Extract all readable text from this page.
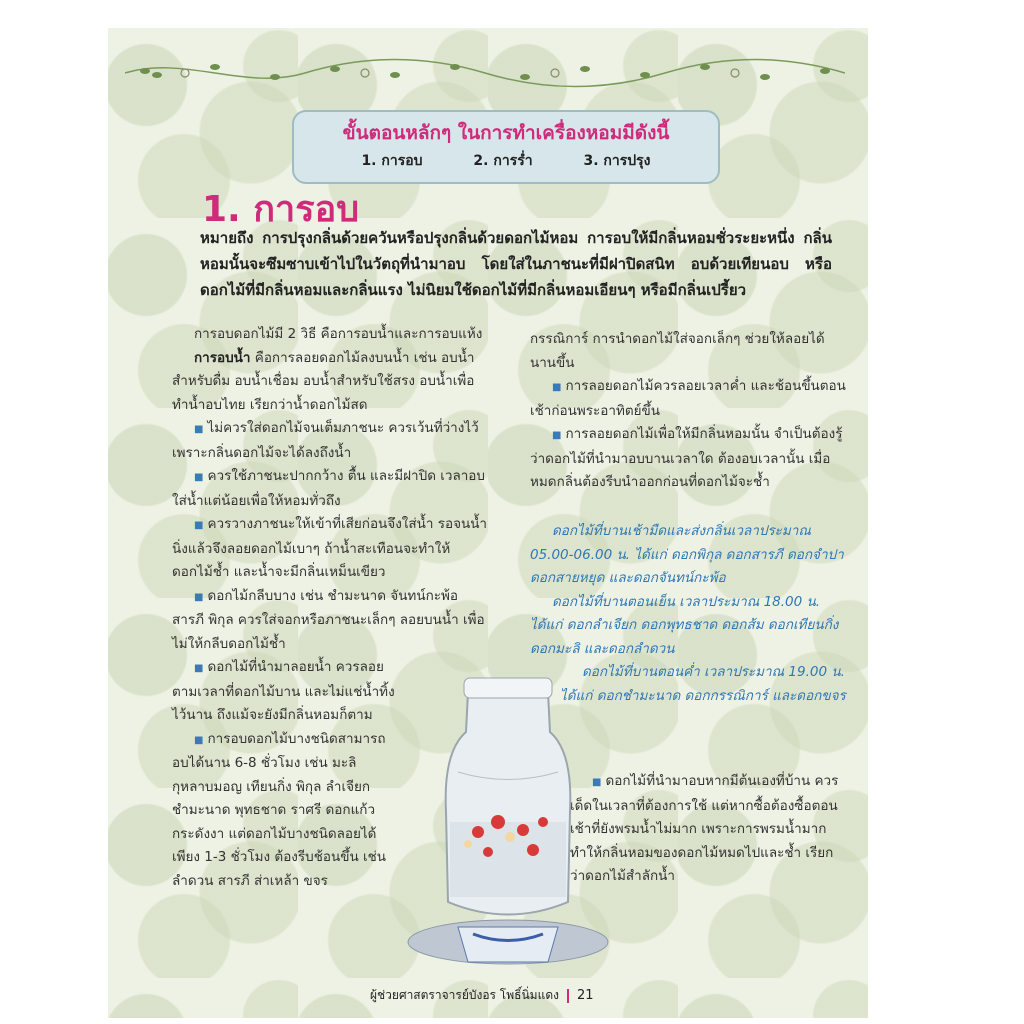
ขั้นตอนหลักๆ ในการทำเครื่องหอมมีดังนี้
1. การอบ	2. การร่ำ	3. การปรุง
1. การอบ
หมายถึง การปรุงกลิ่นด้วยควันหรือปรุงกลิ่นด้วยดอกไม้หอม การอบให้มีกลิ่นหอมชั่วระยะหนึ่ง กลิ่นหอมนั้นจะซึมซาบเข้าไปในวัตถุที่นำมาอบ โดยใส่ในภาชนะที่มีฝาปิดสนิท อบด้วยเทียนอบ หรือดอกไม้ที่มีกลิ่นหอมและกลิ่นแรง ไม่นิยมใช้ดอกไม้ที่มีกลิ่นหอมเอียนๆ หรือมีกลิ่นเปรี้ยว

การอบดอกไม้มี 2 วิธี คือการอบน้ำและการอบแห้ง

การอบน้ำ คือการลอยดอกไม้ลงบนน้ำ เช่น อบน้ำสำหรับดื่ม อบน้ำเชื่อม อบน้ำสำหรับใช้สรง อบน้ำเพื่อทำน้ำอบไทย เรียกว่าน้ำดอกไม้สด

■ ไม่ควรใส่ดอกไม้จนเต็มภาชนะ ควรเว้นที่ว่างไว้ เพราะกลิ่นดอกไม้จะได้ลงถึงน้ำ

■ ควรใช้ภาชนะปากกว้าง ตื้น และมีฝาปิด เวลาอบใส่น้ำแต่น้อยเพื่อให้หอมทั่วถึง

■ ควรวางภาชนะให้เข้าที่เสียก่อนจึงใส่น้ำ รอจนน้ำนิ่งแล้วจึงลอยดอกไม้เบาๆ ถ้าน้ำสะเทือนจะทำให้ดอกไม้ช้ำ และน้ำจะมีกลิ่นเหม็นเขียว

■ ดอกไม้กลีบบาง เช่น ชำมะนาด จันทน์กะพ้อ สารภี พิกุล ควรใส่จอกหรือภาชนะเล็กๆ ลอยบนน้ำ เพื่อไม่ให้กลีบดอกไม้ช้ำ

■ ดอกไม้ที่นำมาลอยน้ำ ควรลอยตามเวลาที่ดอกไม้บาน และไม่แช่น้ำทิ้งไว้นาน ถึงแม้จะยังมีกลิ่นหอมก็ตาม

■ การอบดอกไม้บางชนิดสามารถอบได้นาน 6-8 ชั่วโมง เช่น มะลิ กุหลาบมอญ เทียนกิ่ง พิกุล ลำเจียก ชำมะนาด พุทธชาด ราศรี ดอกแก้ว กระดังงา แต่ดอกไม้บางชนิดลอยได้เพียง 1-3 ชั่วโมง ต้องรีบช้อนขึ้น เช่น ลำดวน สารภี ส่าเหล้า ขจร

กรรณิการ์ การนำดอกไม้ใส่จอกเล็กๆ ช่วยให้ลอยได้นานขึ้น

■ การลอยดอกไม้ควรลอยเวลาค่ำ และช้อนขึ้นตอนเช้าก่อนพระอาทิตย์ขึ้น

■ การลอยดอกไม้เพื่อให้มีกลิ่นหอมนั้น จำเป็นต้องรู้ว่าดอกไม้ที่นำมาอบบานเวลาใด ต้องอบเวลานั้น เมื่อหมดกลิ่นต้องรีบนำออกก่อนที่ดอกไม้จะช้ำ

ดอกไม้ที่บานเช้ามืดและส่งกลิ่นเวลาประมาณ 05.00-06.00 น. ได้แก่ ดอกพิกุล ดอกสารภี ดอกจำปา ดอกสายหยุด และดอกจันทน์กะพ้อ

ดอกไม้ที่บานตอนเย็น เวลาประมาณ 18.00 น. ได้แก่ ดอกลำเจียก ดอกพุทธชาด ดอกส้ม ดอกเทียนกิ่ง ดอกมะลิ และดอกลำดวน

ดอกไม้ที่บานตอนค่ำ เวลาประมาณ 19.00 น. ได้แก่ ดอกชำมะนาด ดอกกรรณิการ์ และดอกขจร

■ ดอกไม้ที่นำมาอบหากมีต้นเองที่บ้าน ควรเด็ดในเวลาที่ต้องการใช้ แต่หากซื้อต้องซื้อตอนเช้าที่ยังพรมน้ำไม่มาก เพราะการพรมน้ำมากทำให้กลิ่นหอมของดอกไม้หมดไปและช้ำ เรียกว่าดอกไม้สำลักน้ำ

ผู้ช่วยศาสตราจารย์บังอร โพธิ์นิ่มแดง 21
